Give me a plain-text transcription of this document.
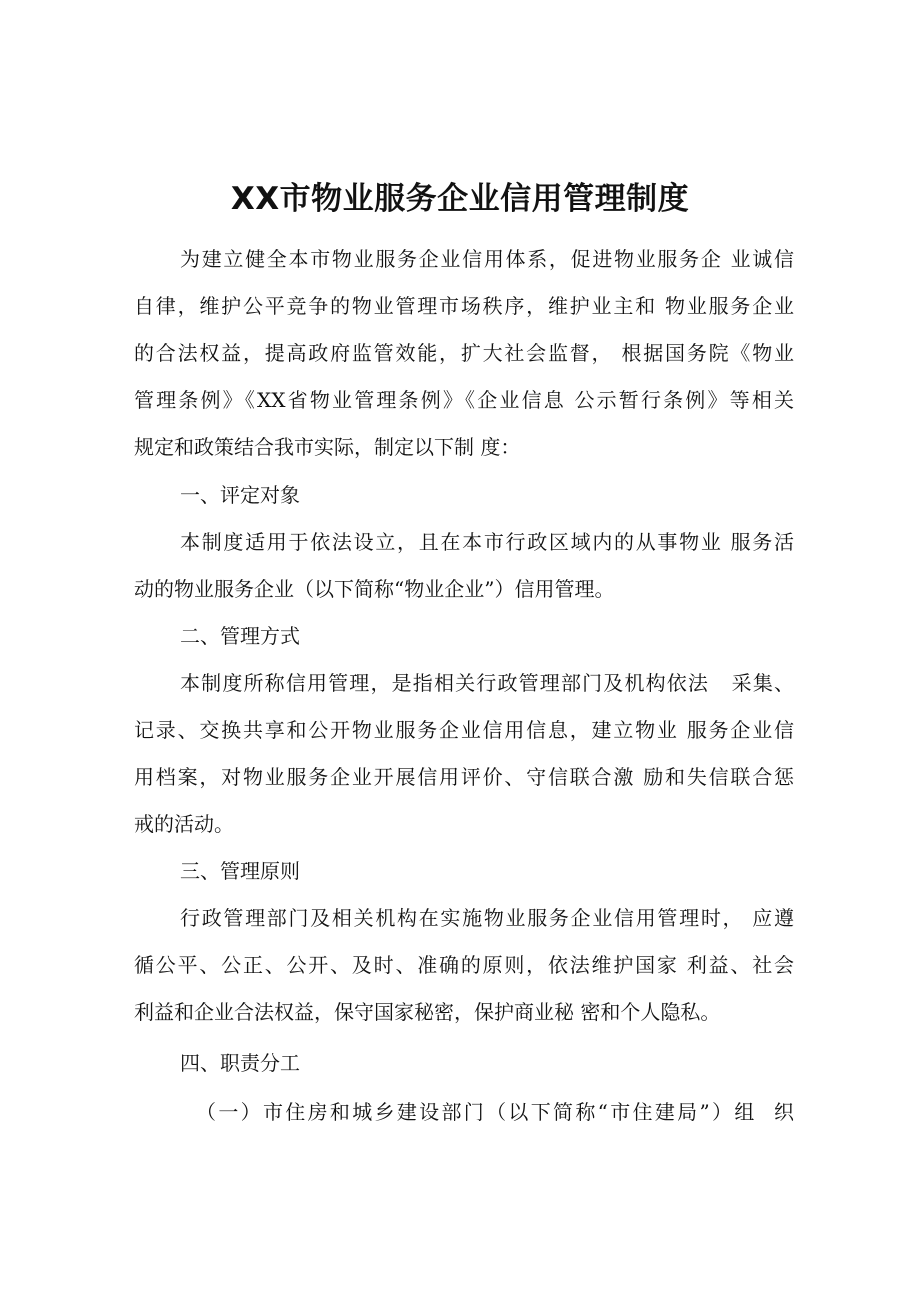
XX市物业服务企业信用管理制度
为建立健全本市物业服务企业信用体系，促进物业服务企 业诚信
自律，维护公平竞争的物业管理市场秩序，维护业主和 物业服务企业
的合法权益，提高政府监管效能，扩大社会监督， 根据国务院《物业
管理条例》《XX省物业管理条例》《企业信息 公示暂行条例》等相关
规定和政策结合我市实际，制定以下制 度：
一、评定对象
本制度适用于依法设立，且在本市行政区域内的从事物业 服务活
动的物业服务企业（以下简称“物业企业”）信用管理。
二、管理方式
本制度所称信用管理，是指相关行政管理部门及机构依法   采集、
记录、交换共享和公开物业服务企业信用信息，建立物业 服务企业信
用档案，对物业服务企业开展信用评价、守信联合激 励和失信联合惩
戒的活动。
三、管理原则
行政管理部门及相关机构在实施物业服务企业信用管理时， 应遵
循公平、公正、公开、及时、准确的原则，依法维护国家 利益、社会
利益和企业合法权益，保守国家秘密，保护商业秘 密和个人隐私。
四、职责分工
（一）市住房和城乡建设部门（以下简称“市住建局”）组  织
